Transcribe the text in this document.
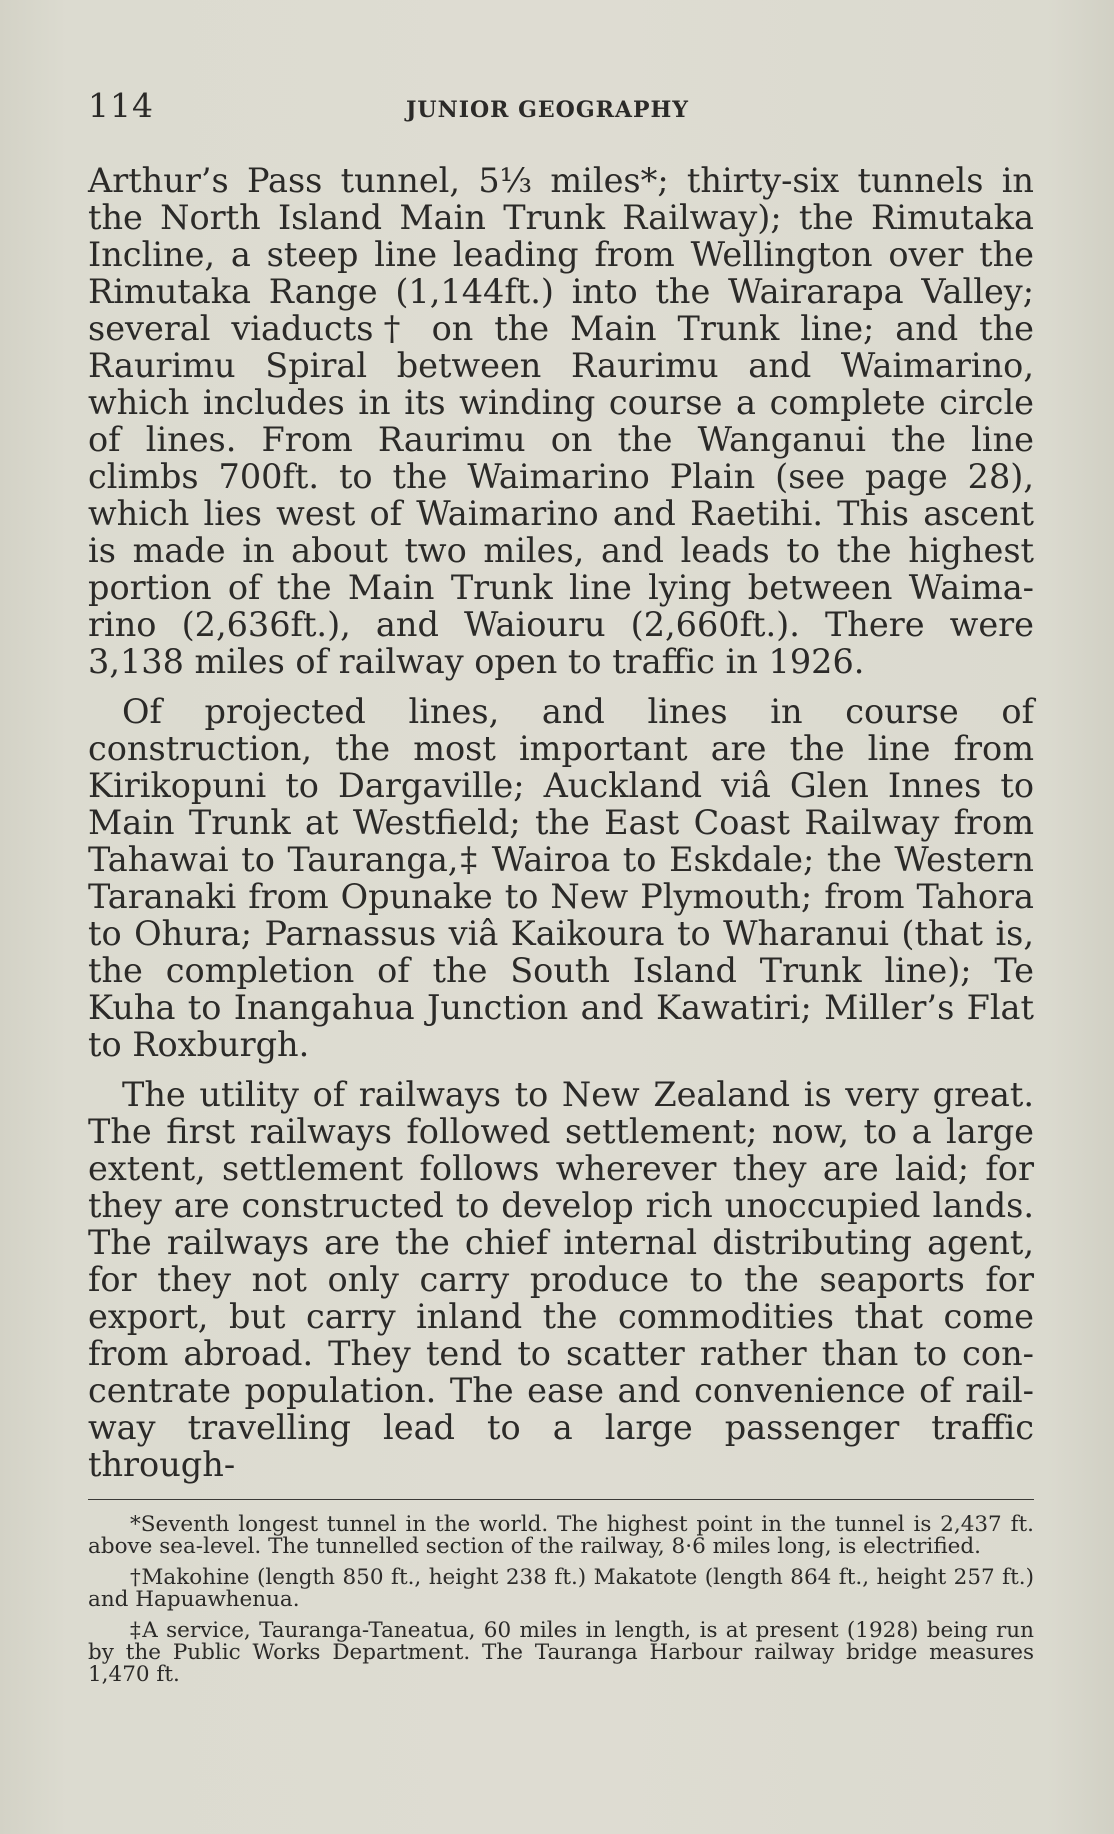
114	JUNIOR GEOGRAPHY

Arthur’s Pass tunnel, 5⅓ miles*; thirty-six tunnels in the North Island Main Trunk Railway); the Rimutaka Incline, a steep line leading from Wellington over the Rimutaka Range (1,144ft.) into the Wairarapa Valley; several viaducts† on the Main Trunk line; and the Raurimu Spiral between Raurimu and Waimarino, which includes in its winding course a complete circle of lines. From Raurimu on the Wanganui the line climbs 700ft. to the Waimarino Plain (see page 28), which lies west of Waimarino and Raetihi. This ascent is made in about two miles, and leads to the highest portion of the Main Trunk line lying between Waima-rino (2,636ft.), and Waiouru (2,660ft.). There were 3,138 miles of railway open to traffic in 1926.

Of projected lines, and lines in course of construction, the most important are the line from Kirikopuni to Dargaville; Auckland viâ Glen Innes to Main Trunk at Westfield; the East Coast Railway from Tahawai to Tauranga,‡ Wairoa to Eskdale; the Western Taranaki from Opunake to New Plymouth; from Tahora to Ohura; Parnassus viâ Kaikoura to Wharanui (that is, the completion of the South Island Trunk line); Te Kuha to Inangahua Junction and Kawatiri; Miller’s Flat to Roxburgh.

The utility of railways to New Zealand is very great. The first railways followed settlement; now, to a large extent, settlement follows wherever they are laid; for they are constructed to develop rich unoccupied lands. The railways are the chief internal distributing agent, for they not only carry produce to the seaports for export, but carry inland the commodities that come from abroad. They tend to scatter rather than to con-centrate population. The ease and convenience of rail-way travelling lead to a large passenger traffic through-

*Seventh longest tunnel in the world. The highest point in the tunnel is 2,437 ft. above sea-level. The tunnelled section of the railway, 8·6 miles long, is electrified.

†Makohine (length 850 ft., height 238 ft.) Makatote (length 864 ft., height 257 ft.) and Hapuawhenua.

‡A service, Tauranga-Taneatua, 60 miles in length, is at present (1928) being run by the Public Works Department. The Tauranga Harbour railway bridge measures 1,470 ft.
